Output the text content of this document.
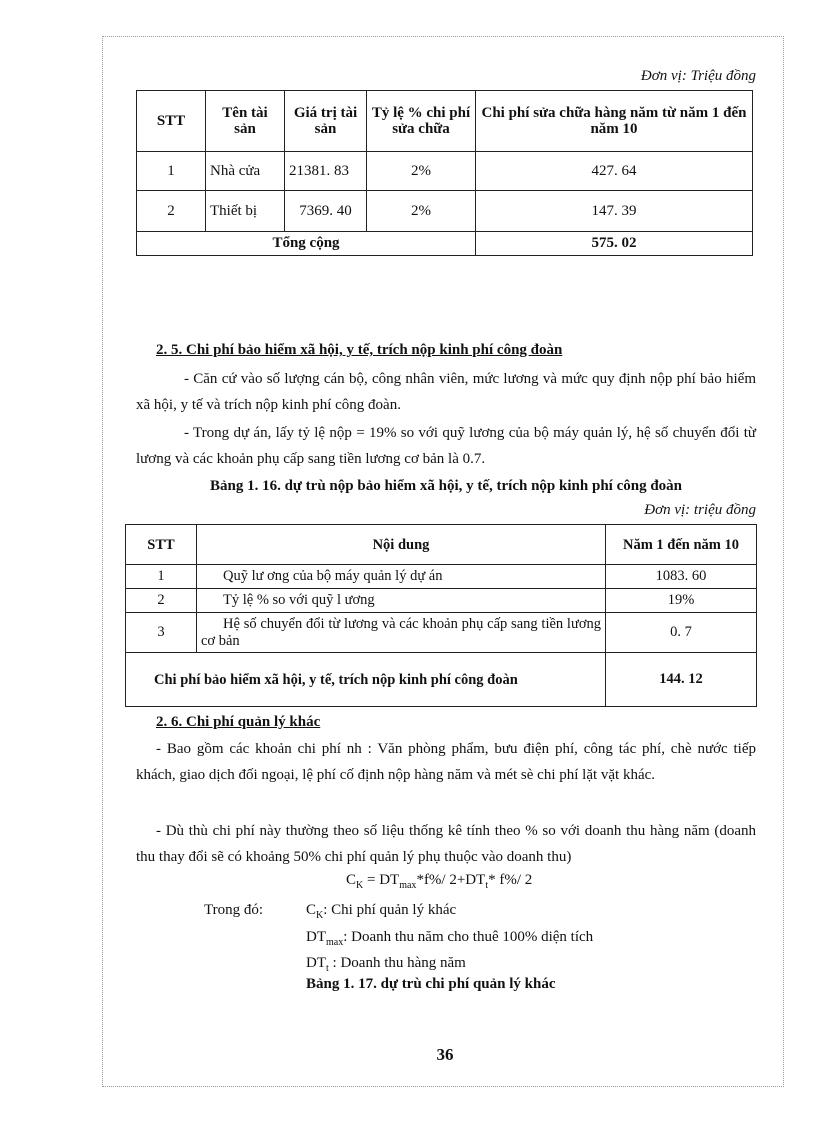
Đơn vị: Triệu đồng
STT	Tên tài sản	Giá trị tài sản	Tỷ lệ % chi phí sửa chữa	Chi phí sửa chữa hàng năm từ năm 1 đến năm 10
1	Nhà cửa	21381. 83	2%	427. 64
2	Thiết bị	7369. 40	2%	147. 39
Tổng cộng				575. 02
2. 5. Chi phí bảo hiểm xã hội, y tế, trích nộp kinh phí công đoàn
- Căn cứ vào số lượng cán bộ, công nhân viên, mức lương và mức quy định nộp phí bảo hiểm xã hội, y tế và trích nộp kinh phí công đoàn.
- Trong dự án, lấy tỷ lệ nộp = 19% so với quỹ lương của bộ máy quản lý, hệ số chuyển đổi từ lương và các khoản phụ cấp sang tiền lương cơ bản là 0.7.
Bảng 1. 16. dự trù nộp bảo hiểm xã hội, y tế, trích nộp kinh phí công đoàn
Đơn vị: triệu đồng
STT	Nội dung	Năm 1 đến năm 10
1	Quỹ lư ơng của bộ máy quản lý dự án	1083. 60
2	Tỷ lệ % so với quỹ l ương	19%
3	Hệ số chuyển đổi từ lương và các khoản phụ cấp sang tiền lương cơ bản	0. 7
Chi phí bảo hiểm xã hội, y tế, trích nộp kinh phí công đoàn		144. 12
2. 6. Chi phí quản lý khác
- Bao gồm các khoản chi phí nh : Văn phòng phẩm, bưu điện phí, công tác phí, chè nước tiếp khách, giao dịch đối ngoại, lệ phí cố định nộp hàng năm và mét sè chi phí lặt vặt khác.
- Dù thù chi phí này thường theo số liệu thống kê tính theo % so với doanh thu hàng năm (doanh thu thay đổi sẽ có khoảng 50% chi phí quản lý phụ thuộc vào doanh thu)
$C_K = DT_{max}*f\%/$ $2+DT_t*$ f%/ 2
Trong đó:	$C_K$: Chi phí quản lý khác
$DT_{max}$: Doanh thu năm cho thuê 100% diện tích
$DT_t$ : Doanh thu hàng năm
Bảng 1. 17. dự trù chi phí quản lý khác
36
